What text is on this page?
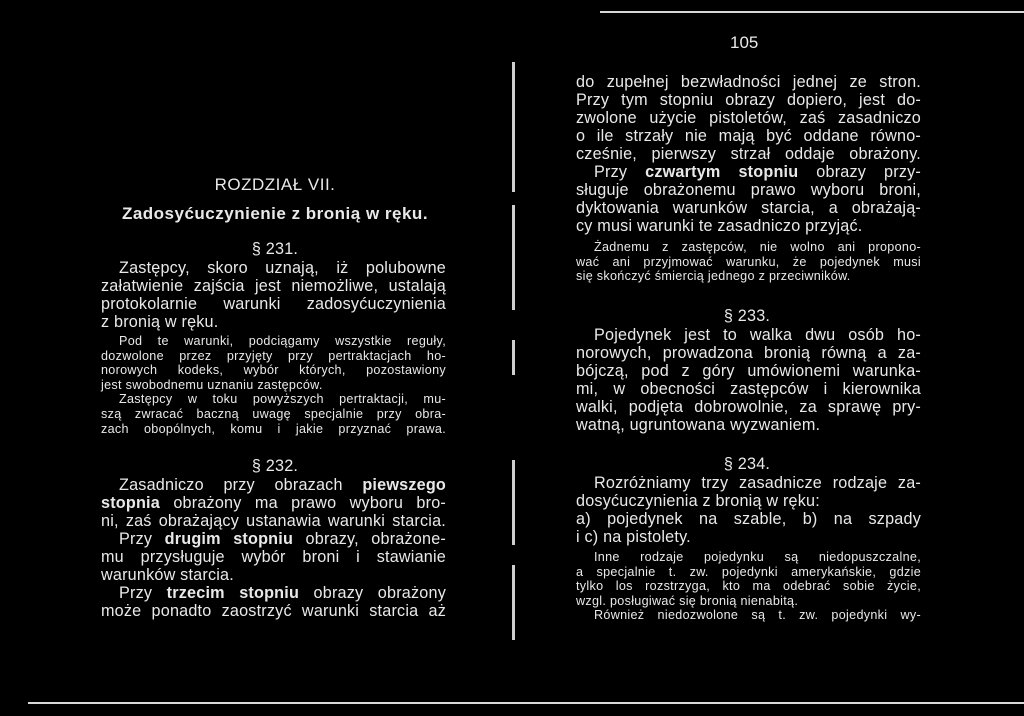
105
ROZDZIAŁ VII.
Zadosyćuczynienie z bronią w ręku.
§ 231.
Zastępcy, skoro uznają, iż polubowne
załatwienie zajścia jest niemożliwe, ustalają
protokolarnie warunki zadosyćuczynienia
z bronią w ręku.
Pod te warunki, podciągamy wszystkie reguły,
dozwolone przez przyjęty przy pertraktacjach ho-
norowych kodeks, wybór których, pozostawiony
jest swobodnemu uznaniu zastępców.
Zastępcy w toku powyższych pertraktacji, mu-
szą zwracać baczną uwagę specjalnie przy obra-
zach obopólnych, komu i jakie przyznać prawa.
§ 232.
Zasadniczo przy obrazach piewszego
stopnia obrażony ma prawo wyboru bro-
ni, zaś obrażający ustanawia warunki starcia.
Przy drugim stopniu obrazy, obrażone-
mu przysługuje wybór broni i stawianie
warunków starcia.
Przy trzecim stopniu obrazy obrażony
może ponadto zaostrzyć warunki starcia aż
do zupełnej bezwładności jednej ze stron.
Przy tym stopniu obrazy dopiero, jest do-
zwolone użycie pistoletów, zaś zasadniczo
o ile strzały nie mają być oddane równo-
cześnie, pierwszy strzał oddaje obrażony.
Przy czwartym stopniu obrazy przy-
sługuje obrażonemu prawo wyboru broni,
dyktowania warunków starcia, a obrażają-
cy musi warunki te zasadniczo przyjąć.
Żadnemu z zastępców, nie wolno ani propono-
wać ani przyjmować warunku, że pojedynek musi
się skończyć śmiercią jednego z przeciwników.
§ 233.
Pojedynek jest to walka dwu osób ho-
norowych, prowadzona bronią równą a za-
bójczą, pod z góry umówionemi warunka-
mi, w obecności zastępców i kierownika
walki, podjęta dobrowolnie, za sprawę pry-
watną, ugruntowana wyzwaniem.
§ 234.
Rozróżniamy trzy zasadnicze rodzaje za-
dosyćuczynienia z bronią w ręku:
a) pojedynek na szable, b) na szpady
i c) na pistolety.
Inne rodzaje pojedynku są niedopuszczalne,
a specjalnie t. zw. pojedynki amerykańskie, gdzie
tylko los rozstrzyga, kto ma odebrać sobie życie,
wzgl. posługiwać się bronią nienabitą.
Również niedozwolone są t. zw. pojedynki wy-
